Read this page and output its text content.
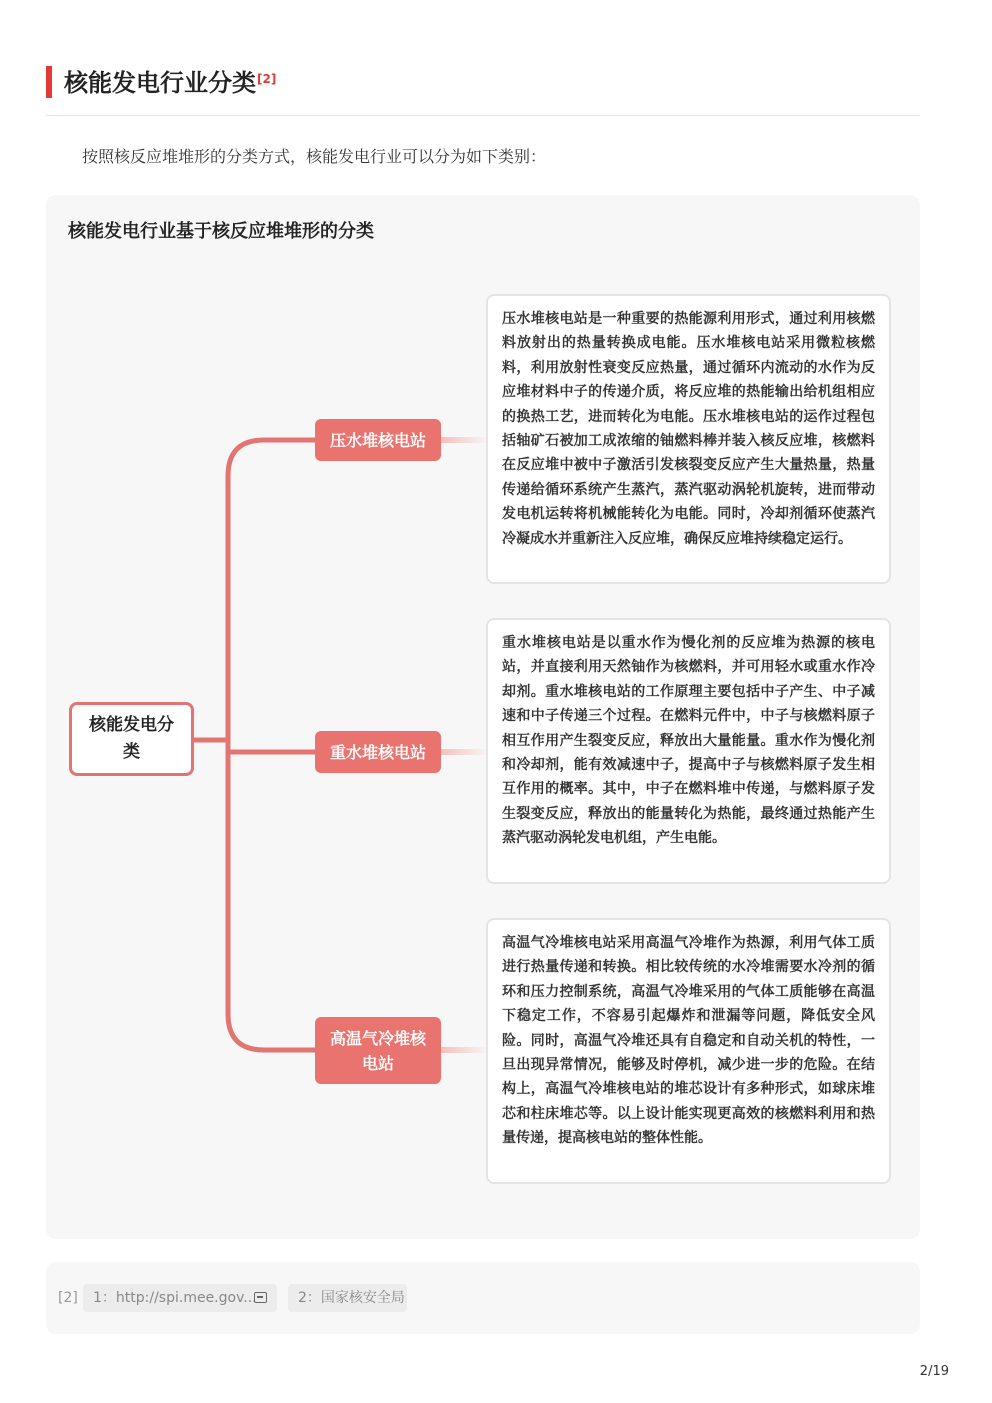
核能发电行业分类[2]

按照核反应堆堆形的分类方式，核能发电行业可以分为如下类别：

核能发电行业基于核反应堆堆形的分类
核能发电分类
压水堆核电站
重水堆核电站
高温气冷堆核电站
压水堆核电站是一种重要的热能源利用形式，通过利用核燃料放射出的热量转换成电能。压水堆核电站采用微粒核燃料，利用放射性衰变反应热量，通过循环内流动的水作为反应堆材料中子的传递介质，将反应堆的热能输出给机组相应的换热工艺，进而转化为电能。压水堆核电站的运作过程包括轴矿石被加工成浓缩的铀燃料棒并装入核反应堆，核燃料在反应堆中被中子激活引发核裂变反应产生大量热量，热量传递给循环系统产生蒸汽，蒸汽驱动涡轮机旋转，进而带动发电机运转将机械能转化为电能。同时，冷却剂循环使蒸汽冷凝成水并重新注入反应堆，确保反应堆持续稳定运行。
重水堆核电站是以重水作为慢化剂的反应堆为热源的核电站，并直接利用天然铀作为核燃料，并可用轻水或重水作冷却剂。重水堆核电站的工作原理主要包括中子产生、中子减速和中子传递三个过程。在燃料元件中，中子与核燃料原子相互作用产生裂变反应，释放出大量能量。重水作为慢化剂和冷却剂，能有效减速中子，提高中子与核燃料原子发生相互作用的概率。其中，中子在燃料堆中传递，与燃料原子发生裂变反应，释放出的能量转化为热能，最终通过热能产生蒸汽驱动涡轮发电机组，产生电能。
高温气冷堆核电站采用高温气冷堆作为热源，利用气体工质进行热量传递和转换。相比较传统的水冷堆需要水冷剂的循环和压力控制系统，高温气冷堆采用的气体工质能够在高温下稳定工作，不容易引起爆炸和泄漏等问题，降低安全风险。同时，高温气冷堆还具有自稳定和自动关机的特性，一旦出现异常情况，能够及时停机，减少进一步的危险。在结构上，高温气冷堆核电站的堆芯设计有多种形式，如球床堆芯和柱床堆芯等。以上设计能实现更高效的核燃料利用和热量传递，提高核电站的整体性能。
[2]	1：http://spi.mee.gov...	2：国家核安全局
2/19
